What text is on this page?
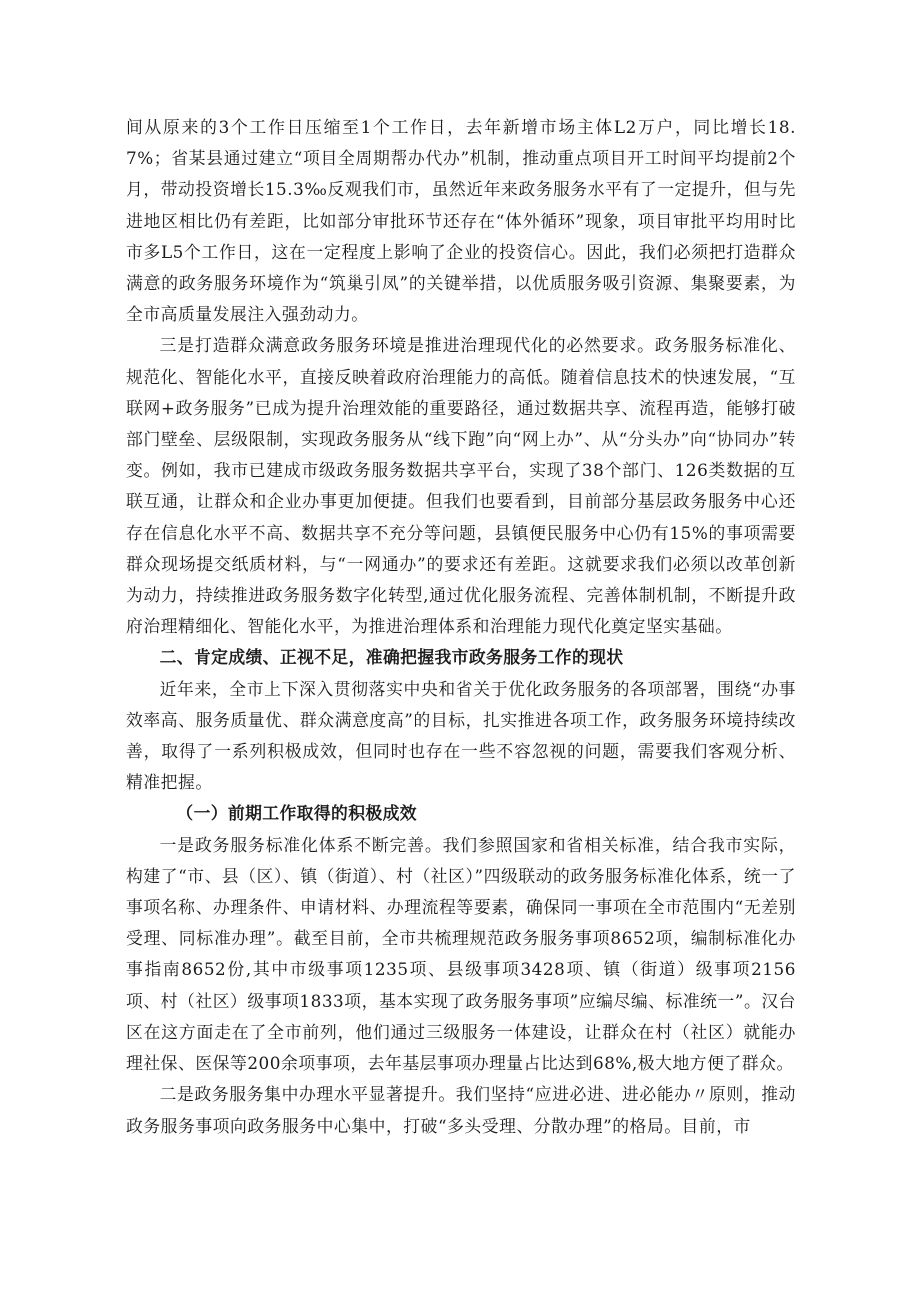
间从原来的3个工作日压缩至1个工作日，去年新增市场主体L2万户，同比增长18.7%；省某县通过建立“项目全周期帮办代办”机制，推动重点项目开工时间平均提前2个月，带动投资增长15.3‰反观我们市，虽然近年来政务服务水平有了一定提升，但与先进地区相比仍有差距，比如部分审批环节还存在“体外循环”现象，项目审批平均用时比市多L5个工作日，这在一定程度上影响了企业的投资信心。因此，我们必须把打造群众满意的政务服务环境作为“筑巢引凤”的关键举措，以优质服务吸引资源、集聚要素，为全市高质量发展注入强劲动力。

三是打造群众满意政务服务环境是推进治理现代化的必然要求。政务服务标准化、规范化、智能化水平，直接反映着政府治理能力的高低。随着信息技术的快速发展，“互联网+政务服务”已成为提升治理效能的重要路径，通过数据共享、流程再造，能够打破部门壁垒、层级限制，实现政务服务从“线下跑”向“网上办”、从“分头办”向“协同办”转变。例如，我市已建成市级政务服务数据共享平台，实现了38个部门、126类数据的互联互通，让群众和企业办事更加便捷。但我们也要看到，目前部分基层政务服务中心还存在信息化水平不高、数据共享不充分等问题，县镇便民服务中心仍有15%的事项需要群众现场提交纸质材料，与“一网通办”的要求还有差距。这就要求我们必须以改革创新为动力，持续推进政务服务数字化转型,通过优化服务流程、完善体制机制，不断提升政府治理精细化、智能化水平，为推进治理体系和治理能力现代化奠定坚实基础。

二、肯定成绩、正视不足，准确把握我市政务服务工作的现状

近年来，全市上下深入贯彻落实中央和省关于优化政务服务的各项部署，围绕“办事效率高、服务质量优、群众满意度高”的目标，扎实推进各项工作，政务服务环境持续改善，取得了一系列积极成效，但同时也存在一些不容忽视的问题，需要我们客观分析、精准把握。

（一）前期工作取得的积极成效

一是政务服务标准化体系不断完善。我们参照国家和省相关标准，结合我市实际，构建了“市、县（区）、镇（街道）、村（社区）”四级联动的政务服务标准化体系，统一了事项名称、办理条件、申请材料、办理流程等要素，确保同一事项在全市范围内“无差别受理、同标准办理”。截至目前，全市共梳理规范政务服务事项8652项，编制标准化办事指南8652份,其中市级事项1235项、县级事项3428项、镇（街道）级事项2156项、村（社区）级事项1833项，基本实现了政务服务事项”应编尽编、标准统一”。汉台区在这方面走在了全市前列，他们通过三级服务一体建设，让群众在村（社区）就能办理社保、医保等200余项事项，去年基层事项办理量占比达到68%,极大地方便了群众。

二是政务服务集中办理水平显著提升。我们坚持“应进必进、进必能办〃原则，推动政务服务事项向政务服务中心集中，打破“多头受理、分散办理”的格局。目前，市
